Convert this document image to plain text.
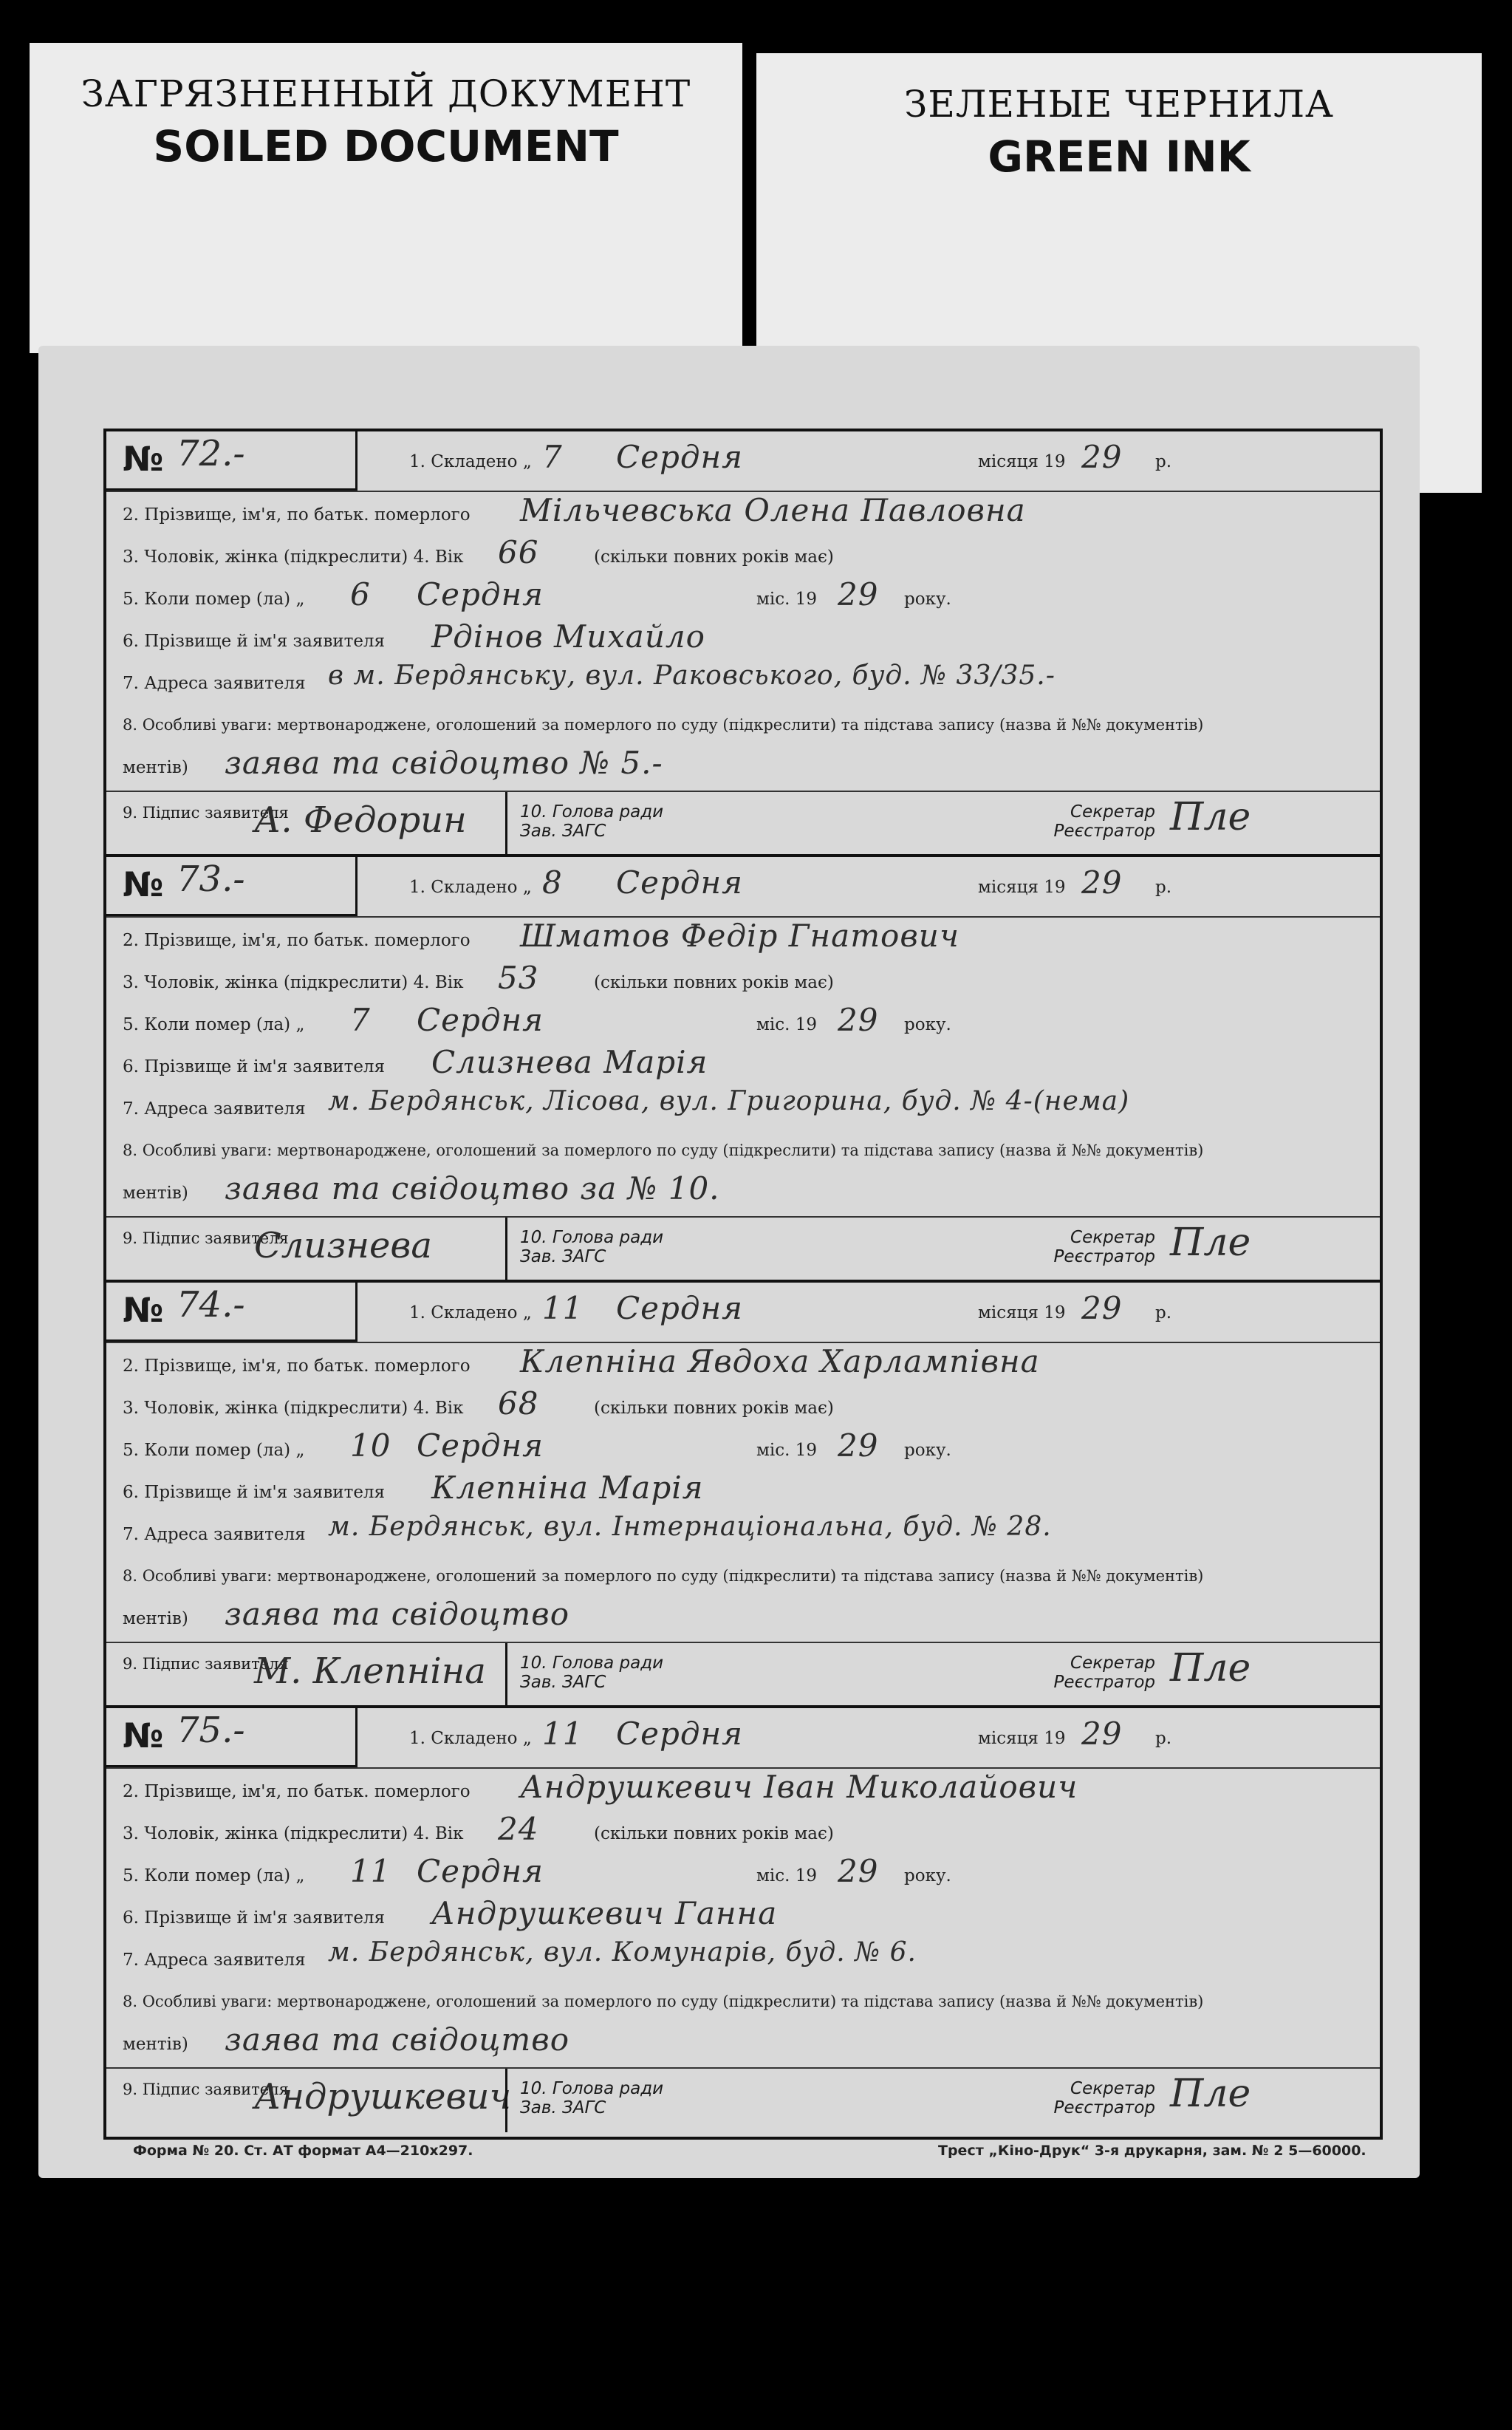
ЗАГРЯЗНЕННЫЙ ДОКУМЕНТ
SOILED DOCUMENT
ЗЕЛЕНЫЕ ЧЕРНИЛА
GREEN INK
№ 72.-	1. Складено „ 7 Сердня	місяця 19 29 р.
2. Прізвище, ім'я, по батьк. померлого Мільчевська Олена Павловна
3. Чоловік, жінка (підкреслити) 4. Вік 66	(скільки повних років має)
5. Коли помер (ла) „ 6 Сердня	міс. 19 29 року.
6. Прізвище й ім'я заявителя Рдінов Михайло
7. Адреса заявителя в м. Бердянську, вул. Раковського, буд. № 33/35.-
8. Особливі уваги: мертвонароджене, оголошений за померлого по суду (підкреслити) та підстава запису (назва й №№ документів)
ментів) заява та свідоцтво № 5.-
9. Підпис заявителя
А. Федорин	10. Голова ради
Зав. ЗАГС
Секретар
Реєстратор Пле
№ 73.-	1. Складено „ 8 Сердня	місяця 19 29 р.
2. Прізвище, ім'я, по батьк. померлого Шматов Федір Гнатович
3. Чоловік, жінка (підкреслити) 4. Вік 53	(скільки повних років має)
5. Коли помер (ла) „ 7 Сердня	міс. 19 29 року.
6. Прізвище й ім'я заявителя Слизнева Марія
7. Адреса заявителя м. Бердянськ, Лісова, вул. Григорина, буд. № 4-(нема)
8. Особливі уваги: мертвонароджене, оголошений за померлого по суду (підкреслити) та підстава запису (назва й №№ документів)
ментів) заява та свідоцтво за № 10.
9. Підпис заявителя
Слизнева	10. Голова ради
Зав. ЗАГС
Секретар
Реєстратор Пле
№ 74.-	1. Складено „ 11 Сердня	місяця 19 29 р.
2. Прізвище, ім'я, по батьк. померлого Клепніна Явдоха Харлампівна
3. Чоловік, жінка (підкреслити) 4. Вік 68	(скільки повних років має)
5. Коли помер (ла) „ 10 Сердня	міс. 19 29 року.
6. Прізвище й ім'я заявителя Клепніна Марія
7. Адреса заявителя м. Бердянськ, вул. Інтернаціональна, буд. № 28.
8. Особливі уваги: мертвонароджене, оголошений за померлого по суду (підкреслити) та підстава запису (назва й №№ документів)
ментів) заява та свідоцтво
9. Підпис заявителя
М. Клепніна 10. Голова ради
Зав. ЗАГС
Секретар
Реєстратор Пле
№ 75.-	1. Складено „ 11 Сердня	місяця 19 29 р.
2. Прізвище, ім'я, по батьк. померлого Андрушкевич Іван Миколайович
3. Чоловік, жінка (підкреслити) 4. Вік 24	(скільки повних років має)
5. Коли помер (ла) „ 11 Сердня	міс. 19 29 року.
6. Прізвище й ім'я заявителя Андрушкевич Ганна
7. Адреса заявителя м. Бердянськ, вул. Комунарів, буд. № 6.
8. Особливі уваги: мертвонароджене, оголошений за померлого по суду (підкреслити) та підстава запису (назва й №№ документів)
ментів) заява та свідоцтво
9. Підпис заявителя
Андрушкевич 10. Голова ради
Зав. ЗАГС
Секретар
Реєстратор Пле
Форма № 20. Ст. АТ формат А4—210х297.	Трест „Кіно-Друк“ 3-я друкарня, зам. № 2 5—60000.
